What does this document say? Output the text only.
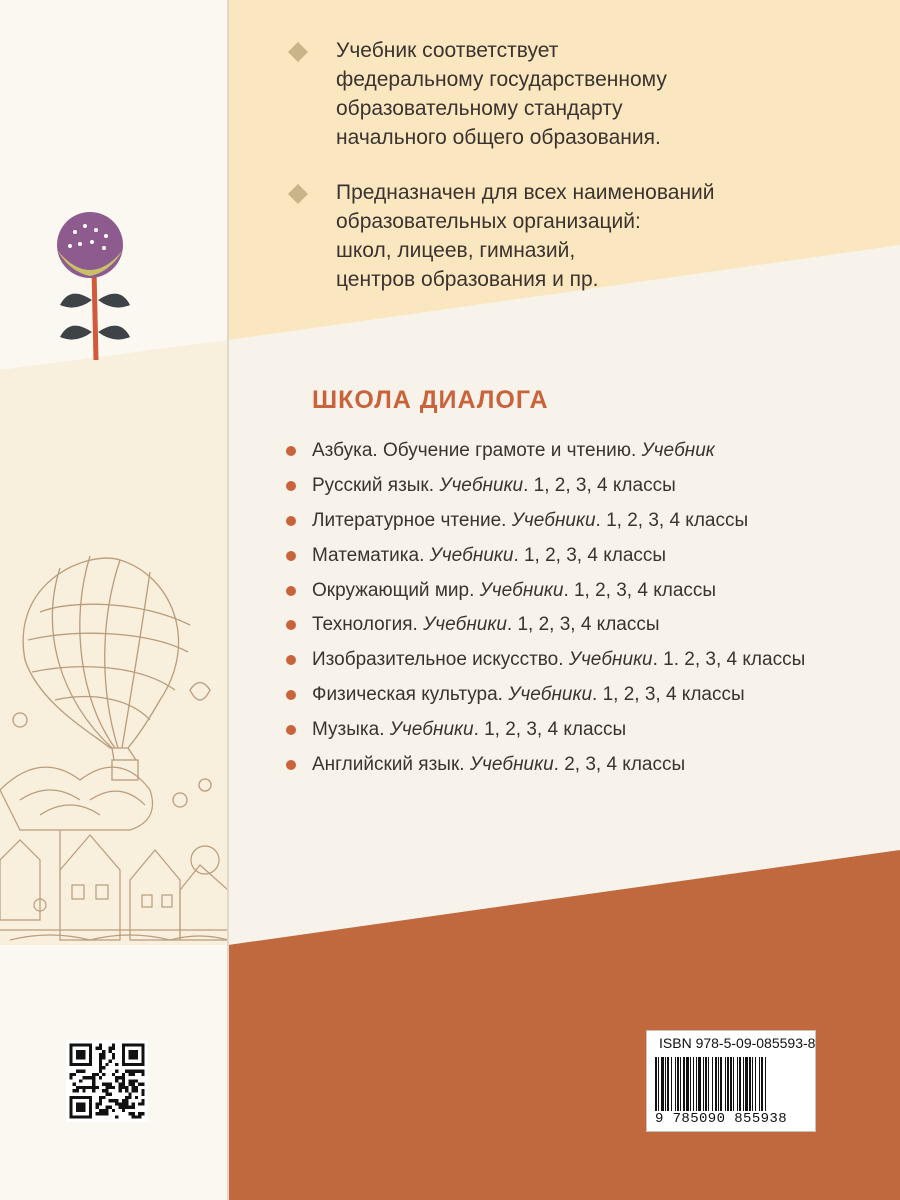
Учебник соответствует
федеральному государственному
образовательному стандарту
начального общего образования.
Предназначен для всех наименований
образовательных организаций:
школ, лицеев, гимназий,
центров образования и пр.
ШКОЛА ДИАЛОГА
Азбука. Обучение грамоте и чтению. Учебник
Русский язык. Учебники. 1, 2, 3, 4 классы
Литературное чтение. Учебники. 1, 2, 3, 4 классы
Математика. Учебники. 1, 2, 3, 4 классы
Окружающий мир. Учебники. 1, 2, 3, 4 классы
Технология. Учебники. 1, 2, 3, 4 классы
Изобразительное искусство. Учебники. 1. 2, 3, 4 классы
Физическая культура. Учебники. 1, 2, 3, 4 классы
Музыка. Учебники. 1, 2, 3, 4 классы
Английский язык. Учебники. 2, 3, 4 классы
ISBN 978-5-09-085593-8
9 785090 855938
